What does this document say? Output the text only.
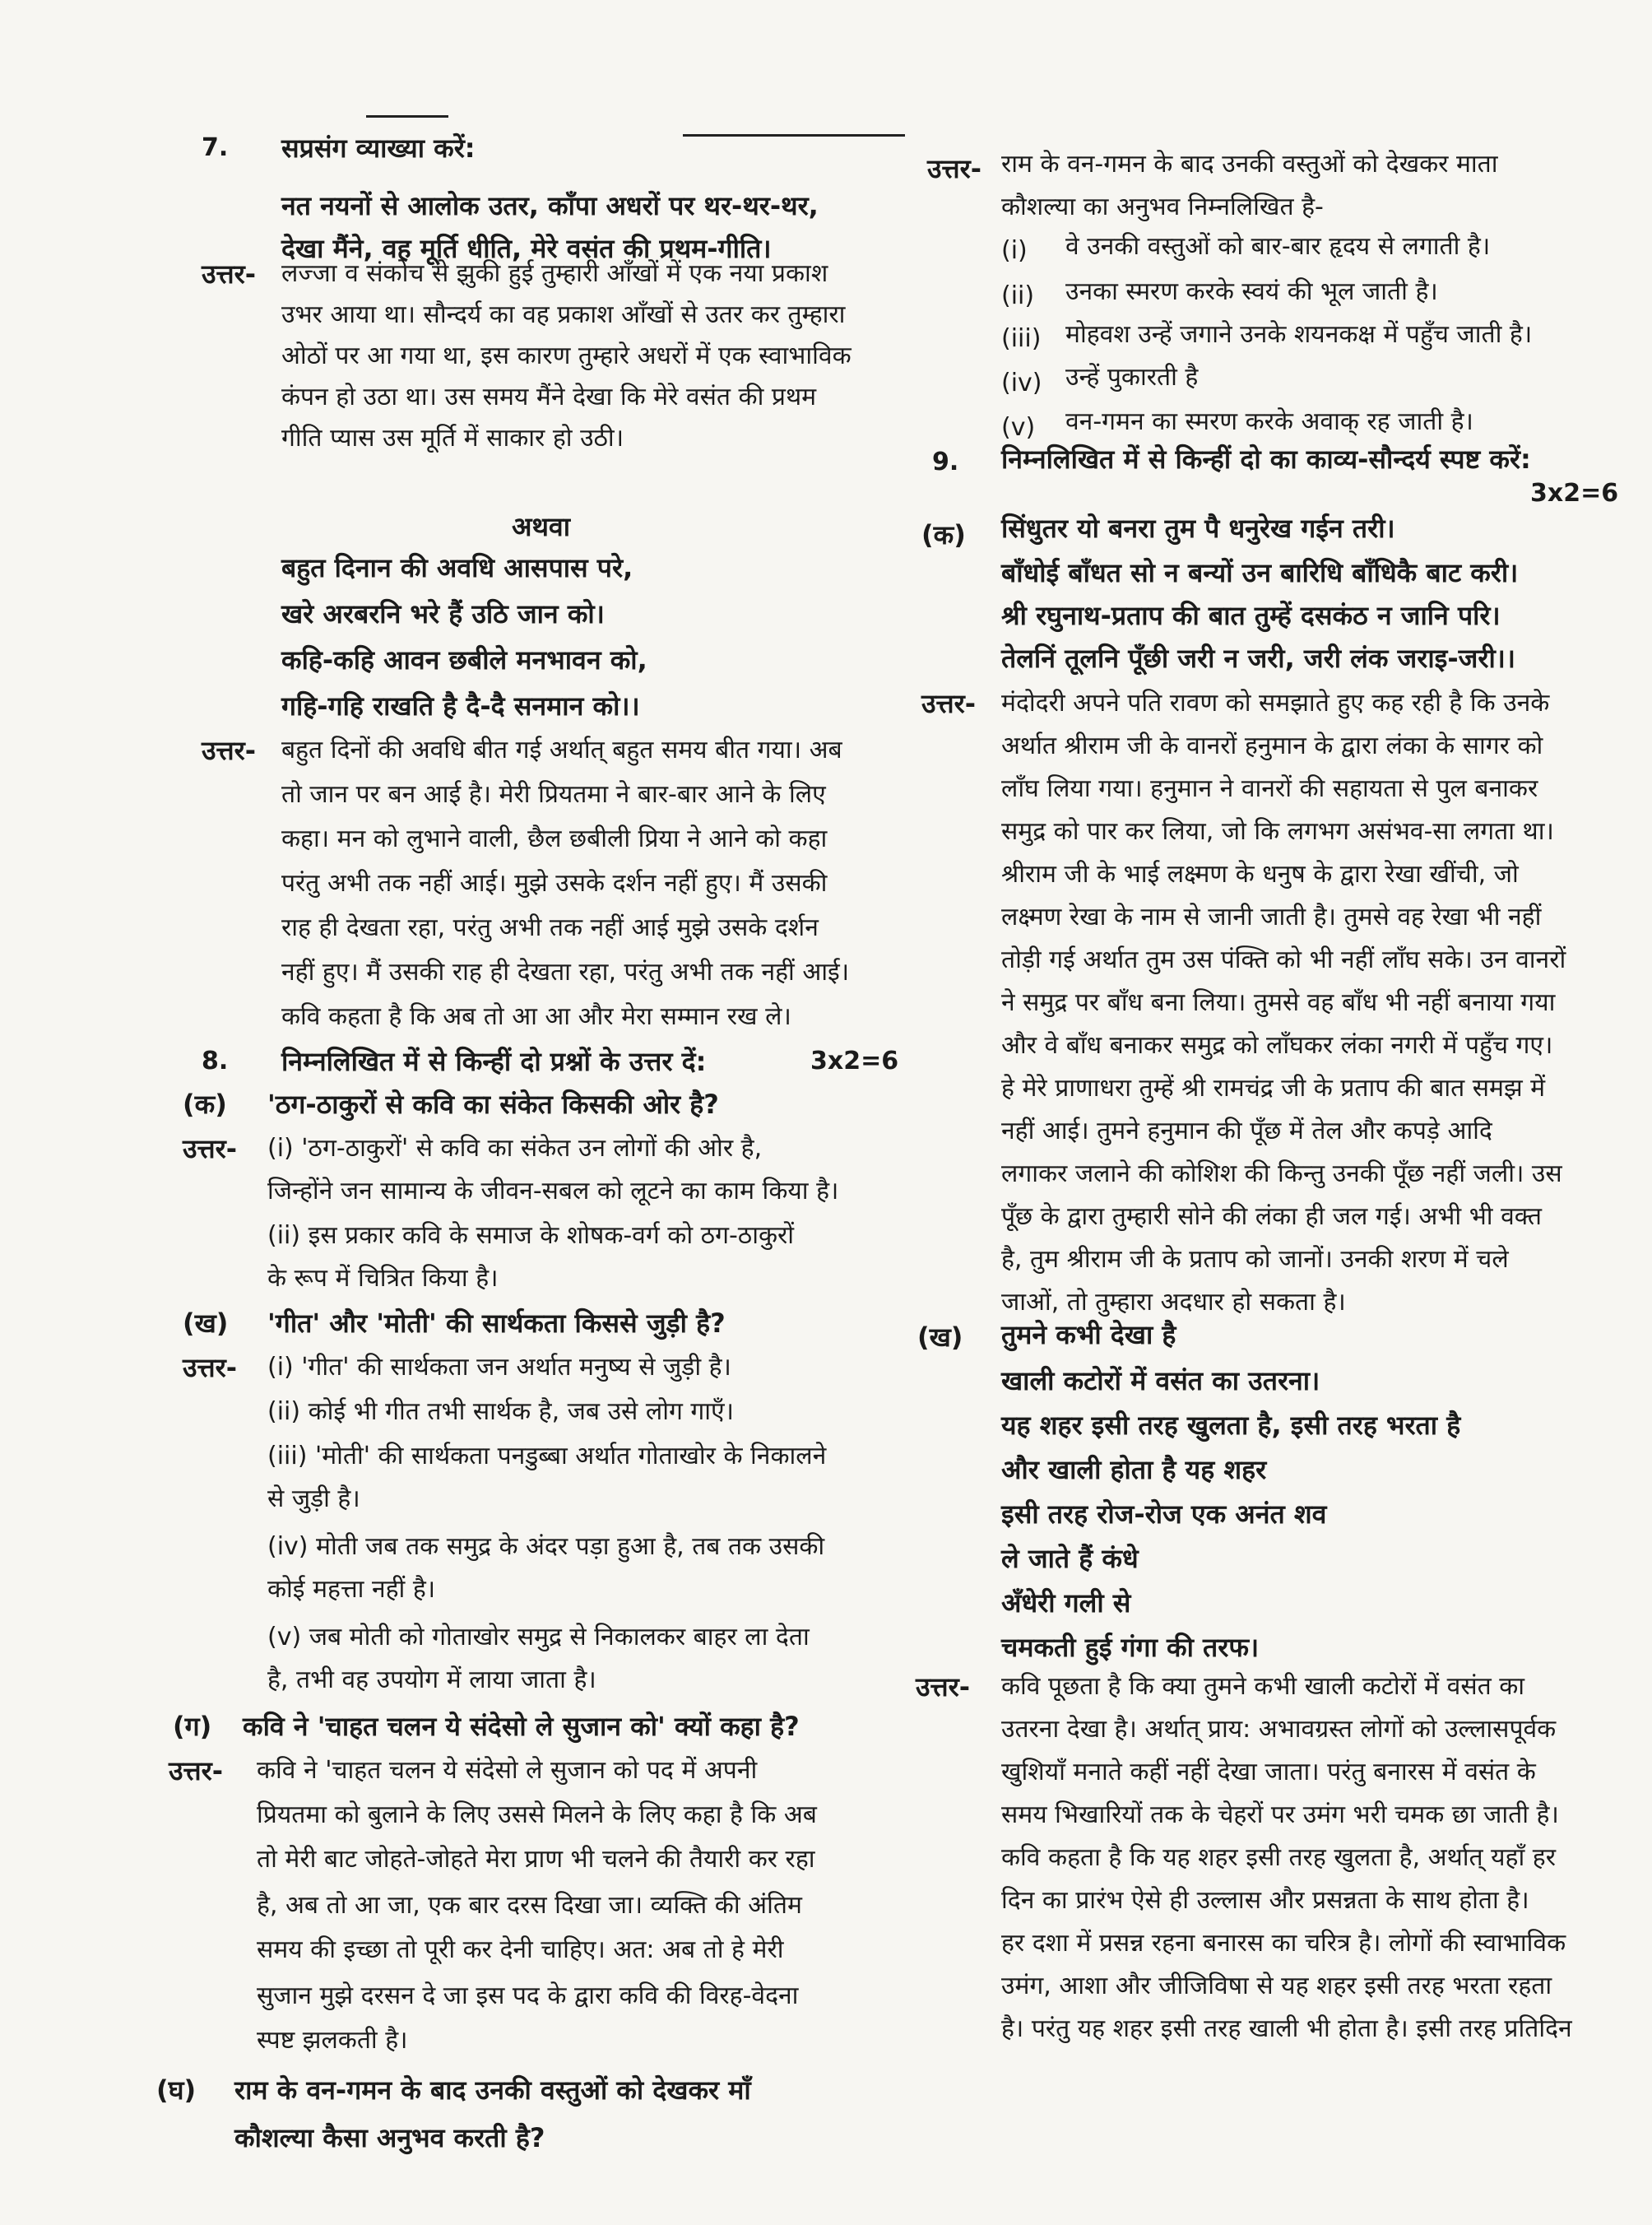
7. सप्रसंग व्याख्या करें:
नत नयनों से आलोक उतर, काँपा अधरों पर थर-थर-थर,
देखा मैंने, वह मूर्ति धीति, मेरे वसंत की प्रथम-गीति।
उत्तर- लज्जा व संकोच से झुकी हुई तुम्हारी आँखों में एक नया प्रकाश
उभर आया था। सौन्दर्य का वह प्रकाश आँखों से उतर कर तुम्हारा
ओठों पर आ गया था, इस कारण तुम्हारे अधरों में एक स्वाभाविक
कंपन हो उठा था। उस समय मैंने देखा कि मेरे वसंत की प्रथम
गीति प्यास उस मूर्ति में साकार हो उठी।
अथवा
बहुत दिनान की अवधि आसपास परे,
खरे अरबरनि भरे हैं उठि जान को।
कहि-कहि आवन छबीले मनभावन को,
गहि-गहि राखति है दै-दै सनमान को।।
उत्तर- बहुत दिनों की अवधि बीत गई अर्थात् बहुत समय बीत गया। अब
तो जान पर बन आई है। मेरी प्रियतमा ने बार-बार आने के लिए
कहा। मन को लुभाने वाली, छैल छबीली प्रिया ने आने को कहा
परंतु अभी तक नहीं आई। मुझे उसके दर्शन नहीं हुए। मैं उसकी
राह ही देखता रहा, परंतु अभी तक नहीं आई मुझे उसके दर्शन
नहीं हुए। मैं उसकी राह ही देखता रहा, परंतु अभी तक नहीं आई।
कवि कहता है कि अब तो आ आ और मेरा सम्मान रख ले।
8. निम्नलिखित में से किन्हीं दो प्रश्नों के उत्तर दें:	3x2=6
(क) 'ठग-ठाकुरों से कवि का संकेत किसकी ओर है?
उत्तर- (i) 'ठग-ठाकुरों' से कवि का संकेत उन लोगों की ओर है,
जिन्होंने जन सामान्य के जीवन-सबल को लूटने का काम किया है।
(ii) इस प्रकार कवि के समाज के शोषक-वर्ग को ठग-ठाकुरों
के रूप में चित्रित किया है।
(ख) 'गीत' और 'मोती' की सार्थकता किससे जुड़ी है?
उत्तर- (i) 'गीत' की सार्थकता जन अर्थात मनुष्य से जुड़ी है।
(ii) कोई भी गीत तभी सार्थक है, जब उसे लोग गाएँ।
(iii) 'मोती' की सार्थकता पनडुब्बा अर्थात गोताखोर के निकालने
से जुड़ी है।
(iv) मोती जब तक समुद्र के अंदर पड़ा हुआ है, तब तक उसकी
कोई महत्ता नहीं है।
(v) जब मोती को गोताखोर समुद्र से निकालकर बाहर ला देता
है, तभी वह उपयोग में लाया जाता है।
(ग) कवि ने 'चाहत चलन ये संदेसो ले सुजान को' क्यों कहा है?
उत्तर- कवि ने 'चाहत चलन ये संदेसो ले सुजान को पद में अपनी
प्रियतमा को बुलाने के लिए उससे मिलने के लिए कहा है कि अब
तो मेरी बाट जोहते-जोहते मेरा प्राण भी चलने की तैयारी कर रहा
है, अब तो आ जा, एक बार दरस दिखा जा। व्यक्ति की अंतिम
समय की इच्छा तो पूरी कर देनी चाहिए। अत: अब तो हे मेरी
सुजान मुझे दरसन दे जा इस पद के द्वारा कवि की विरह-वेदना
स्पष्ट झलकती है।
(घ) राम के वन-गमन के बाद उनकी वस्तुओं को देखकर माँ
कौशल्या कैसा अनुभव करती है?
उत्तर- राम के वन-गमन के बाद उनकी वस्तुओं को देखकर माता
कौशल्या का अनुभव निम्नलिखित है-
(i) वे उनकी वस्तुओं को बार-बार हृदय से लगाती है।
(ii) उनका स्मरण करके स्वयं की भूल जाती है।
(iii) मोहवश उन्हें जगाने उनके शयनकक्ष में पहुँच जाती है।
(iv) उन्हें पुकारती है
(v) वन-गमन का स्मरण करके अवाक् रह जाती है।
9. निम्नलिखित में से किन्हीं दो का काव्य-सौन्दर्य स्पष्ट करें:
3x2=6
(क) सिंधुतर यो बनरा तुम पै धनुरेख गईन तरी।
बाँधोई बाँधत सो न बन्यों उन बारिधि बाँधिकै बाट करी।
श्री रघुनाथ-प्रताप की बात तुम्हें दसकंठ न जानि परि।
तेलनिं तूलनि पूँछी जरी न जरी, जरी लंक जराइ-जरी।।
उत्तर- मंदोदरी अपने पति रावण को समझाते हुए कह रही है कि उनके
अर्थात श्रीराम जी के वानरों हनुमान के द्वारा लंका के सागर को
लाँघ लिया गया। हनुमान ने वानरों की सहायता से पुल बनाकर
समुद्र को पार कर लिया, जो कि लगभग असंभव-सा लगता था।
श्रीराम जी के भाई लक्ष्मण के धनुष के द्वारा रेखा खींची, जो
लक्ष्मण रेखा के नाम से जानी जाती है। तुमसे वह रेखा भी नहीं
तोड़ी गई अर्थात तुम उस पंक्ति को भी नहीं लाँघ सके। उन वानरों
ने समुद्र पर बाँध बना लिया। तुमसे वह बाँध भी नहीं बनाया गया
और वे बाँध बनाकर समुद्र को लाँघकर लंका नगरी में पहुँच गए।
हे मेरे प्राणाधरा तुम्हें श्री रामचंद्र जी के प्रताप की बात समझ में
नहीं आई। तुमने हनुमान की पूँछ में तेल और कपड़े आदि
लगाकर जलाने की कोशिश की किन्तु उनकी पूँछ नहीं जली। उस
पूँछ के द्वारा तुम्हारी सोने की लंका ही जल गई। अभी भी वक्त
है, तुम श्रीराम जी के प्रताप को जानों। उनकी शरण में चले
जाओं, तो तुम्हारा अदधार हो सकता है।
(ख) तुमने कभी देखा है
खाली कटोरों में वसंत का उतरना।
यह शहर इसी तरह खुलता है, इसी तरह भरता है
और खाली होता है यह शहर
इसी तरह रोज-रोज एक अनंत शव
ले जाते हैं कंधे
अँधेरी गली से
चमकती हुई गंगा की तरफ।
उत्तर- कवि पूछता है कि क्या तुमने कभी खाली कटोरों में वसंत का
उतरना देखा है। अर्थात् प्राय: अभावग्रस्त लोगों को उल्लासपूर्वक
खुशियाँ मनाते कहीं नहीं देखा जाता। परंतु बनारस में वसंत के
समय भिखारियों तक के चेहरों पर उमंग भरी चमक छा जाती है।
कवि कहता है कि यह शहर इसी तरह खुलता है, अर्थात् यहाँ हर
दिन का प्रारंभ ऐसे ही उल्लास और प्रसन्नता के साथ होता है।
हर दशा में प्रसन्न रहना बनारस का चरित्र है। लोगों की स्वाभाविक
उमंग, आशा और जीजिविषा से यह शहर इसी तरह भरता रहता
है। परंतु यह शहर इसी तरह खाली भी होता है। इसी तरह प्रतिदिन
